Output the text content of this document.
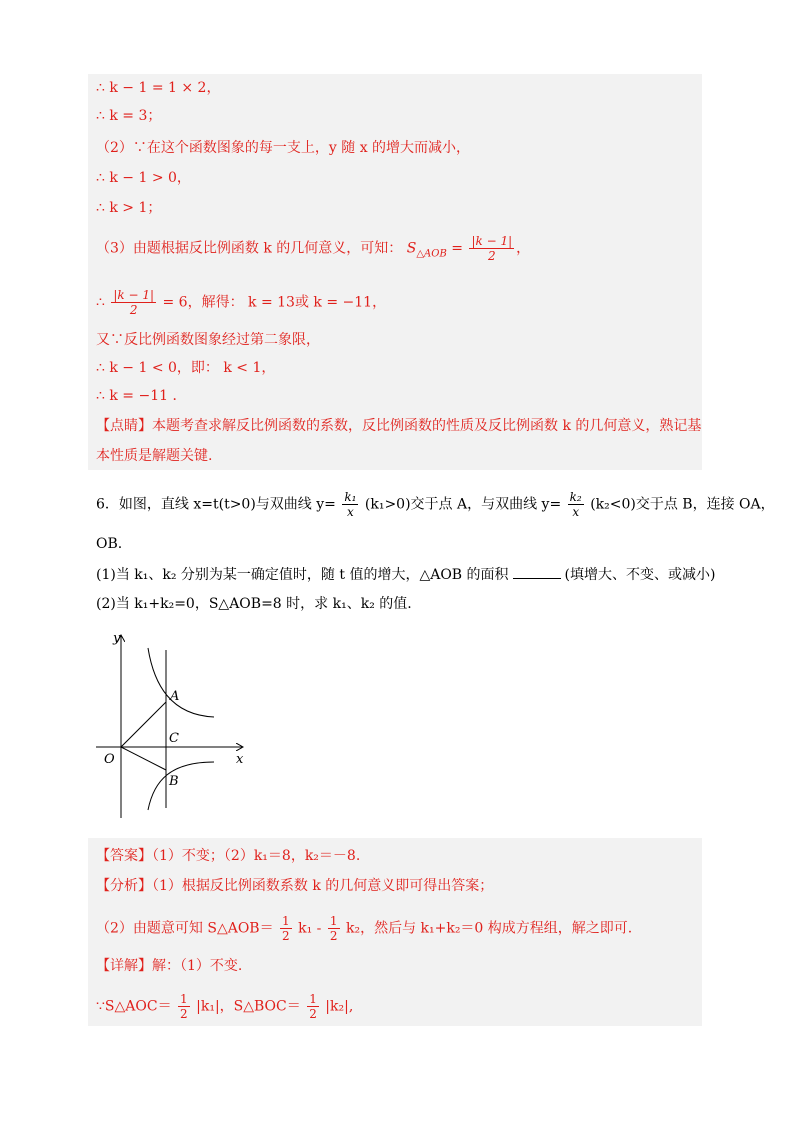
∴ k − 1 = 1 × 2，
∴ k = 3；
（2）∵在这个函数图象的每一支上，y 随 x 的增大而减小，
∴ k − 1 > 0，
∴ k > 1；
（3）由题根据反比例函数 k 的几何意义，可知： $S_{\triangle AOB} = \frac{|k - 1|}{2}$ ，
∴ $\frac{|k - 1|}{2} = 6$，解得： k = 13或 k = −11，
又∵反比例函数图象经过第二象限，
∴ k − 1 < 0，即： k < 1，
∴ k = −11 ．
【点睛】本题考查求解反比例函数的系数，反比例函数的性质及反比例函数 k 的几何意义，熟记基
本性质是解题关键.
6．如图，直线 x=t(t>0)与双曲线 $y= \frac{\text{k₁}}{x} (k_1>0)$交于点 A，与双曲线 $y= \frac{\text{k₂}}{x} (k_2<0)$交于点 B，连接 OA，
OB.
(1)当 k₁、k₂ 分别为某一确定值时，随 t 值的增大，△AOB 的面积	(填增大、不变、或减小)
(2)当 k₁+k₂=0，S△AOB=8 时，求 k₁、k₂ 的值.
y
x
O
A
B
C
【答案】（1）不变；（2）k₁＝8，k₂＝－8.
【分析】（1）根据反比例函数系数 k 的几何意义即可得出答案；
（2）由题意可知 S△AOB＝ $\frac{1}{2} k_1 - \frac{1}{2} k_2$，然后与 k₁+k₂＝0 构成方程组，解之即可.
【详解】解：（1）不变.
∵S△AOC＝ $\frac{1}{2} |k_1|$，S△BOC＝ $\frac{1}{2} |k_2|$,
